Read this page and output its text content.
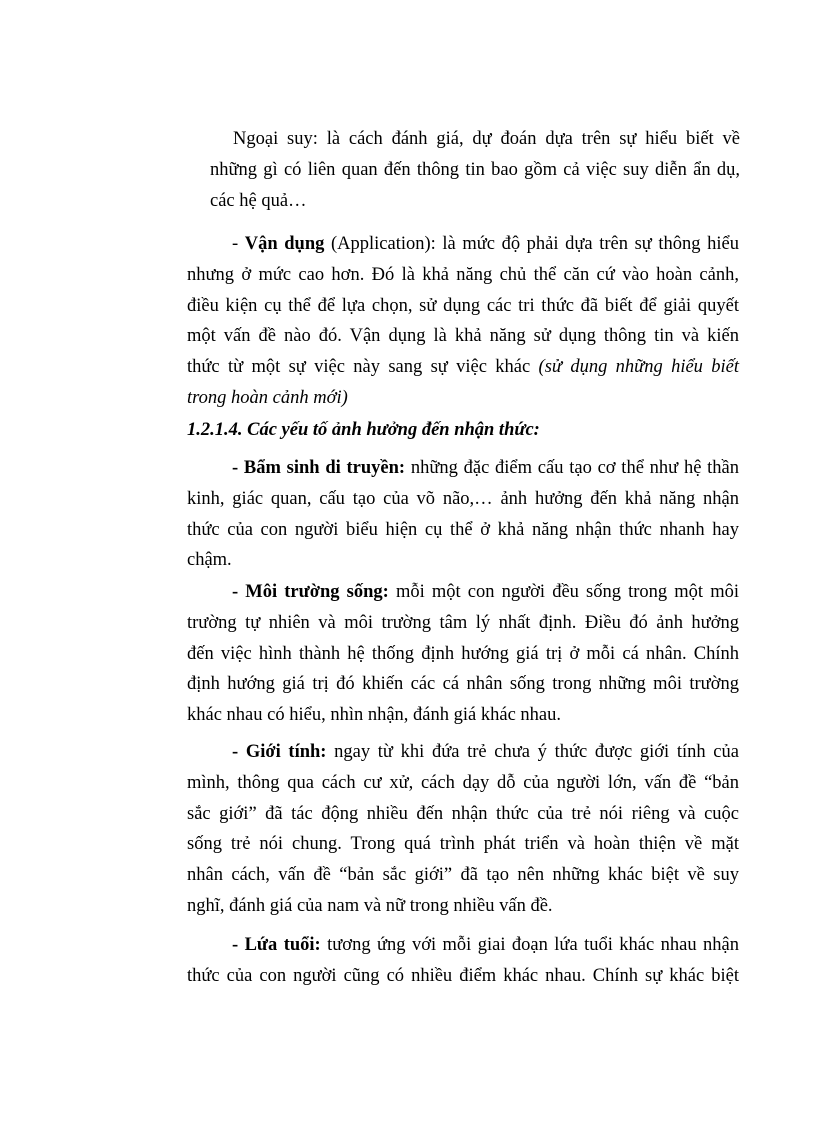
Ngoại suy: là cách đánh giá, dự đoán dựa trên sự hiểu biết về
những gì có liên quan đến thông tin bao gồm cả việc suy diễn ẩn dụ,
các hệ quả…
- Vận dụng (Application): là mức độ phải dựa trên sự thông hiểu
nhưng ở mức cao hơn. Đó là khả năng chủ thể căn cứ vào hoàn cảnh,
điều kiện cụ thể để lựa chọn, sử dụng các tri thức đã biết để giải quyết
một vấn đề nào đó. Vận dụng là khả năng sử dụng thông tin và kiến
thức từ một sự việc này sang sự việc khác (sử dụng những hiểu biết
trong hoàn cảnh mới)
1.2.1.4. Các yếu tố ảnh hưởng đến nhận thức:
- Bẩm sinh di truyền: những đặc điểm cấu tạo cơ thể như hệ thần
kinh, giác quan, cấu tạo của võ não,… ảnh hưởng đến khả năng nhận
thức của con người biểu hiện cụ thể ở khả năng nhận thức nhanh hay
chậm.
- Môi trường sống: mỗi một con người đều sống trong một môi
trường tự nhiên và môi trường tâm lý nhất định. Điều đó ảnh hưởng
đến việc hình thành hệ thống định hướng giá trị ở mỗi cá nhân. Chính
định hướng giá trị đó khiến các cá nhân sống trong những môi trường
khác nhau có hiểu, nhìn nhận, đánh giá khác nhau.
- Giới tính: ngay từ khi đứa trẻ chưa ý thức được giới tính của
mình, thông qua cách cư xử, cách dạy dỗ của người lớn, vấn đề “bản
sắc giới” đã tác động nhiều đến nhận thức của trẻ nói riêng và cuộc
sống trẻ nói chung. Trong quá trình phát triển và hoàn thiện về mặt
nhân cách, vấn đề “bản sắc giới” đã tạo nên những khác biệt về suy
nghĩ, đánh giá của nam và nữ trong nhiều vấn đề.
- Lứa tuổi: tương ứng với mỗi giai đoạn lứa tuổi khác nhau nhận
thức của con người cũng có nhiều điểm khác nhau. Chính sự khác biệt
